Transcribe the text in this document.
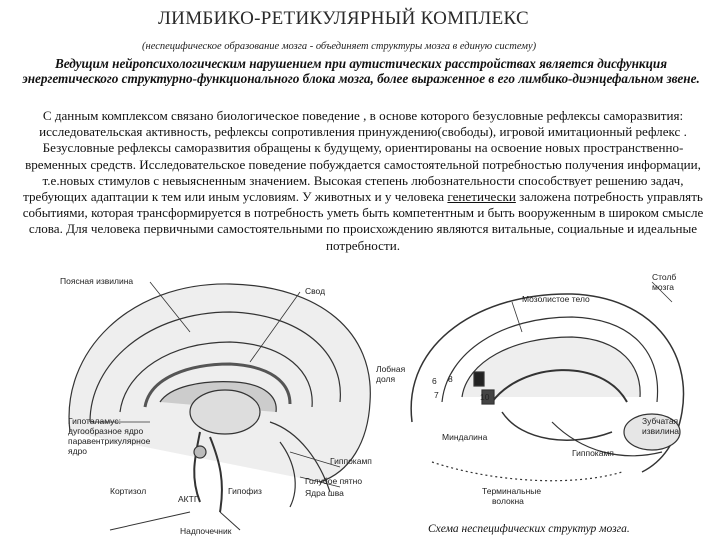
ЛИМБИКО-РЕТИКУЛЯРНЫЙ КОМПЛЕКС
(неспецифическое образование мозга - объединяет структуры мозга в единую систему)
Ведущим нейропсихологическим нарушением при аутистических расстройствах является дисфункция энергетического структурно-функционального блока мозга, более выраженное в его лимбико-диэнцефальном звене.
С данным комплексом связано биологическое поведение , в основе которого безусловные рефлексы саморазвития: исследовательская активность, рефлексы сопротивления принуждению(свободы), игровой имитационный рефлекс . Безусловные рефлексы саморазвития обращены к будущему, ориентированы на освоение новых пространственно-временных средств. Исследовательское поведение побуждается самостоятельной потребностью получения информации, т.е.новых стимулов с невыясненным значением. Высокая степень любознательности способствует решению задач, требующих адаптации к тем или иным условиям. У животных и у человека генетически заложена потребность управлять событиями, которая трансформируется в потребность уметь быть компетентным и быть вооруженным в широком смысле слова. Для человека первичными самостоятельными по происхождению являются витальные, социальные и идеальные потребности.
Поясная извилина
Свод
Гипоталамус:
дугообразное ядро
паравентрикулярное
ядро
Кортизол
АКТГ
Гипофиз
Гиппокамп
Голубое пятно
Ядра шва
Надпочечник
Мозолистое тело
Столб
мозга
Лобная
доля	6 8
7	10
Миндалина
Зубчатая
извилина
Гиппокамп
Терминальные
волокна
Схема неспецифических структур мозга.
